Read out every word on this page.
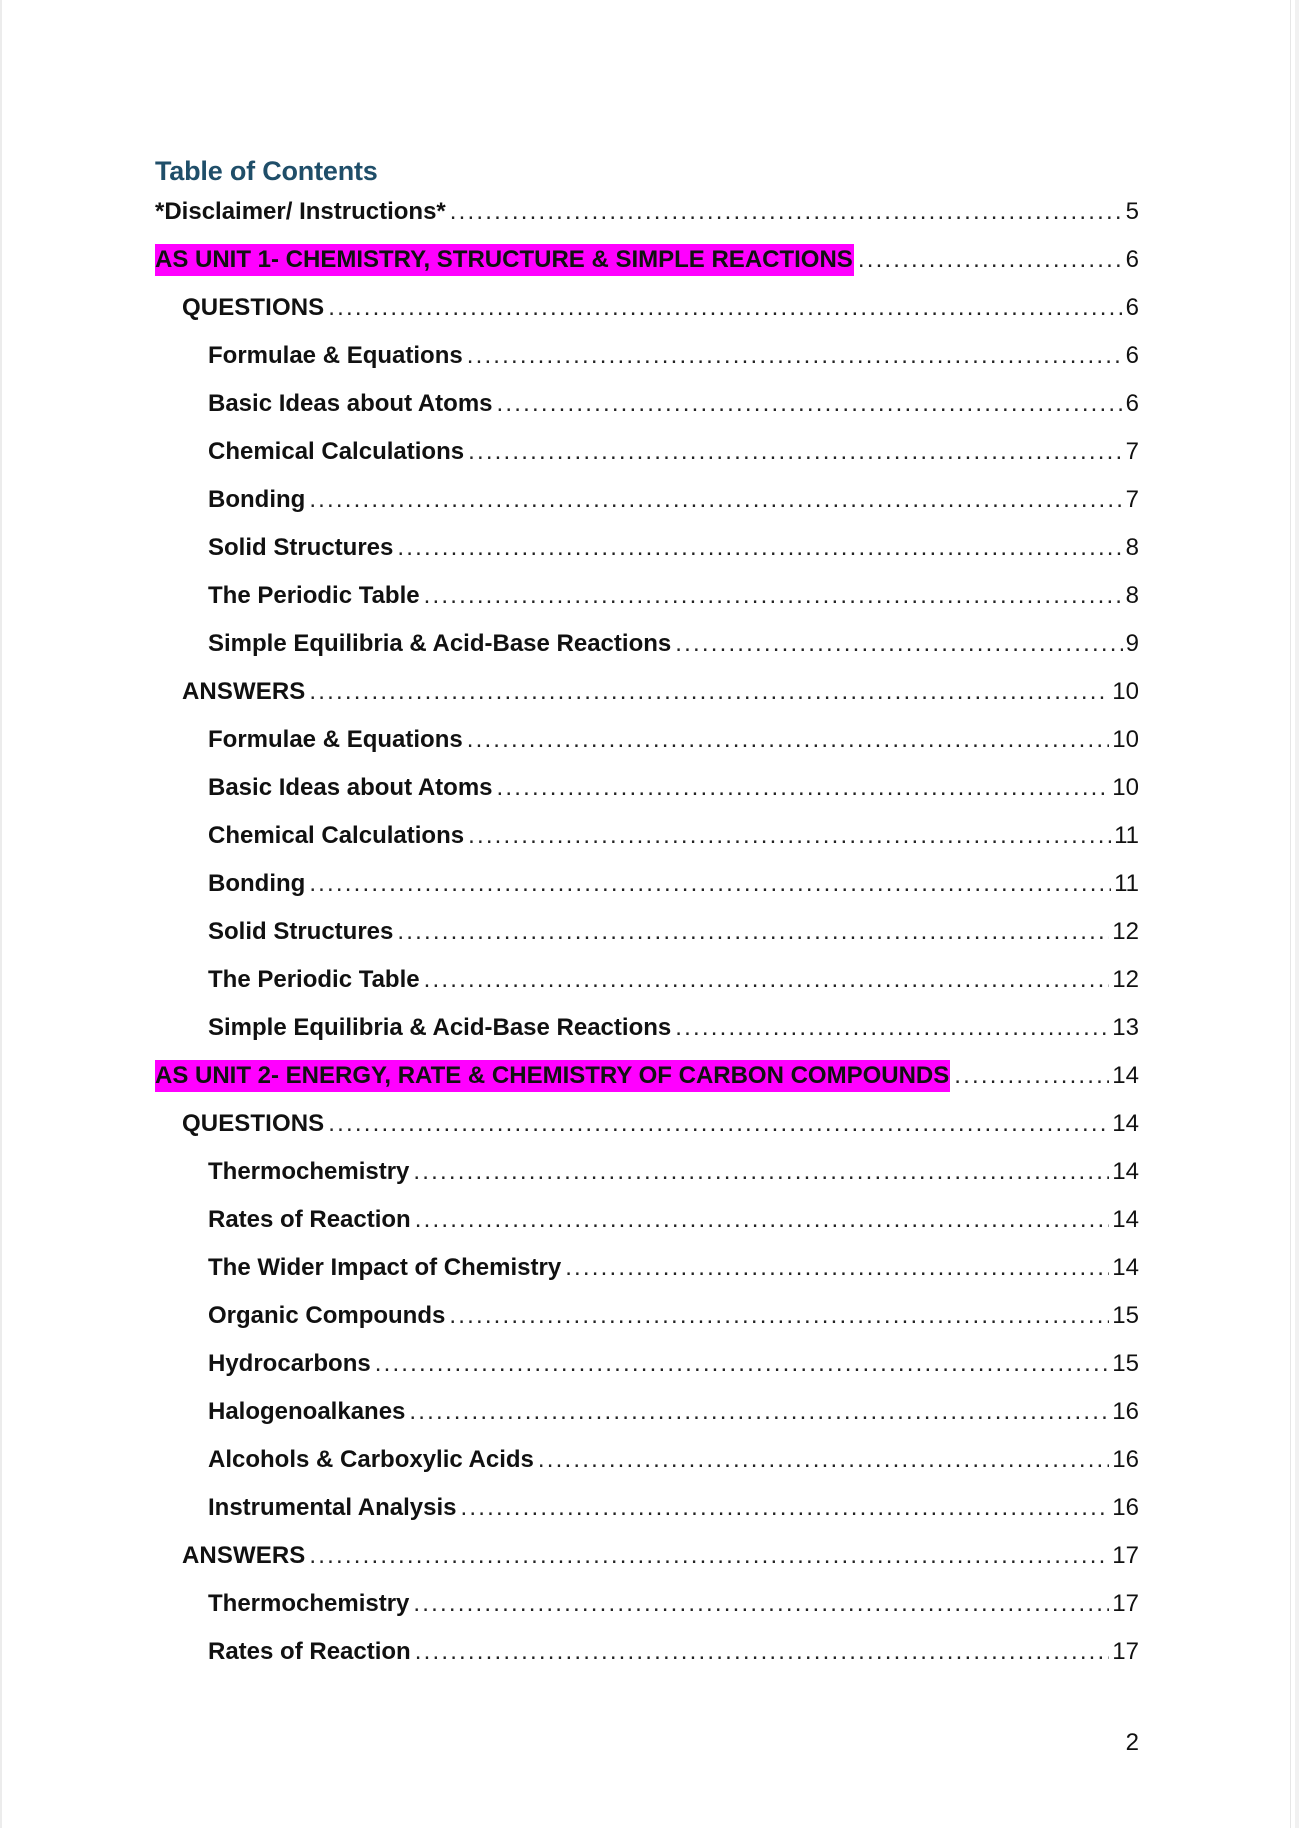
Table of Contents
*Disclaimer/ Instructions* .....	5
AS UNIT 1- CHEMISTRY, STRUCTURE & SIMPLE REACTIONS .....	6
QUESTIONS .....	6
Formulae & Equations .....	6
Basic Ideas about Atoms .....	6
Chemical Calculations .....	7
Bonding .....	7
Solid Structures .....	8
The Periodic Table .....	8
Simple Equilibria & Acid-Base Reactions .....	9
ANSWERS .....	10
Formulae & Equations .....	10
Basic Ideas about Atoms .....	10
Chemical Calculations .....	11
Bonding .....	11
Solid Structures .....	12
The Periodic Table .....	12
Simple Equilibria & Acid-Base Reactions .....	13
AS UNIT 2- ENERGY, RATE & CHEMISTRY OF CARBON COMPOUNDS .....	14
QUESTIONS .....	14
Thermochemistry .....	14
Rates of Reaction .....	14
The Wider Impact of Chemistry .....	14
Organic Compounds .....	15
Hydrocarbons .....	15
Halogenoalkanes .....	16
Alcohols & Carboxylic Acids .....	16
Instrumental Analysis .....	16
ANSWERS .....	17
Thermochemistry .....	17
Rates of Reaction .....	17

2
